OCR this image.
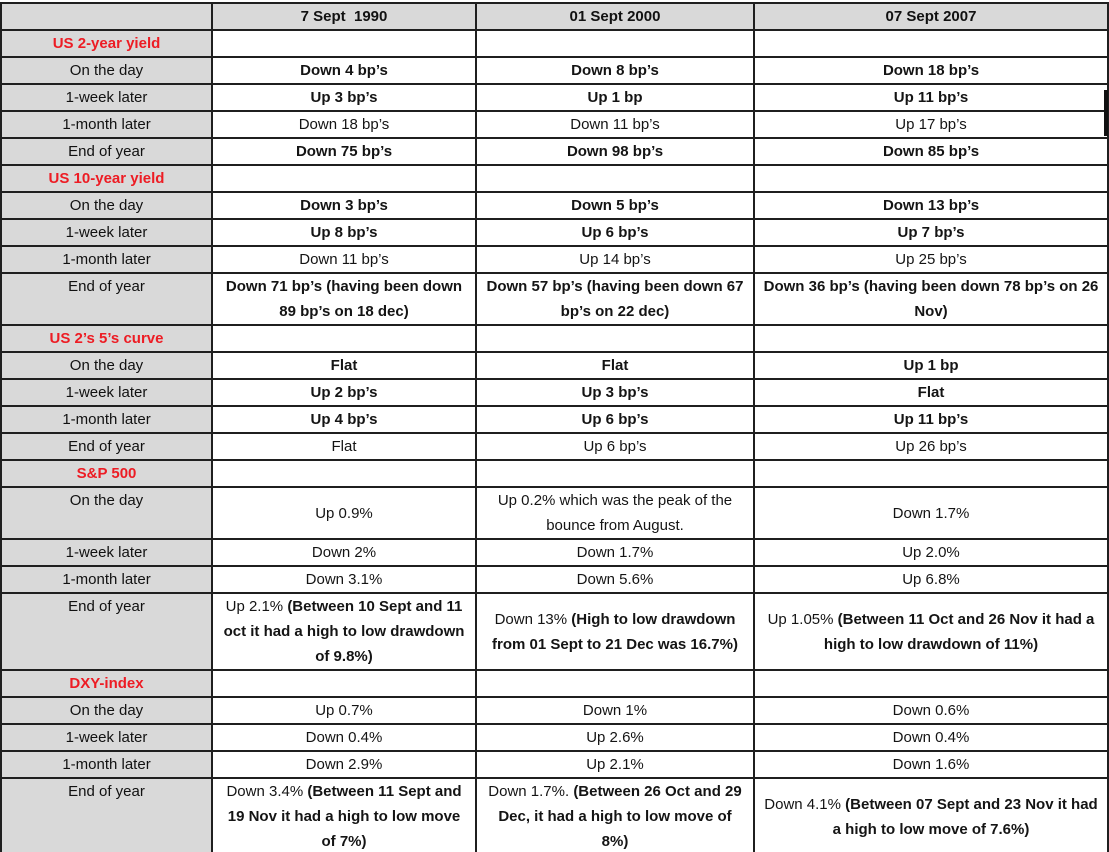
	7 Sept  1990	01 Sept 2000	07 Sept 2007
US 2-year yield			
On the day	Down 4 bp’s	Down 8 bp’s	Down 18 bp’s
1-week later	Up 3 bp’s	Up 1 bp	Up 11 bp’s
1-month later	Down 18 bp’s	Down 11 bp’s	Up 17 bp’s
End of year	Down 75 bp’s	Down 98 bp’s	Down 85 bp’s
US 10-year yield			
On the day	Down 3 bp’s	Down 5 bp’s	Down 13 bp’s
1-week later	Up 8 bp’s	Up 6 bp’s	Up 7 bp’s
1-month later	Down 11 bp’s	Up 14 bp’s	Up 25 bp’s
End of year	Down 71 bp’s (having been down 89 bp’s on 18 dec)	Down 57 bp’s (having been down 67 bp’s on 22 dec)	Down 36 bp’s (having been down 78 bp’s on 26 Nov)
US 2’s 5’s curve			
On the day	Flat	Flat	Up 1 bp
1-week later	Up 2 bp’s	Up 3 bp’s	Flat
1-month later	Up 4 bp’s	Up 6 bp’s	Up 11 bp’s
End of year	Flat	Up 6 bp’s	Up 26 bp’s
S&P 500			
On the day	Up 0.9%	Up 0.2% which was the peak of the bounce from August.	Down 1.7%
1-week later	Down 2%	Down 1.7%	Up 2.0%
1-month later	Down 3.1%	Down 5.6%	Up 6.8%
End of year	Up 2.1% (Between 10 Sept and 11 oct it had a high to low drawdown of 9.8%)	Down 13% (High to low drawdown from 01 Sept to 21 Dec was 16.7%)	Up 1.05% (Between 11 Oct and 26 Nov it had a high to low drawdown of 11%)
DXY-index			
On the day	Up 0.7%	Down 1%	Down 0.6%
1-week later	Down 0.4%	Up 2.6%	Down 0.4%
1-month later	Down 2.9%	Up 2.1%	Down 1.6%
End of year	Down 3.4% (Between 11 Sept and 19 Nov it had a high to low move of 7%)	Down 1.7%. (Between 26 Oct and 29 Dec, it had a high to low move of 8%)	Down 4.1% (Between 07 Sept and 23 Nov it had a high to low move of 7.6%)
